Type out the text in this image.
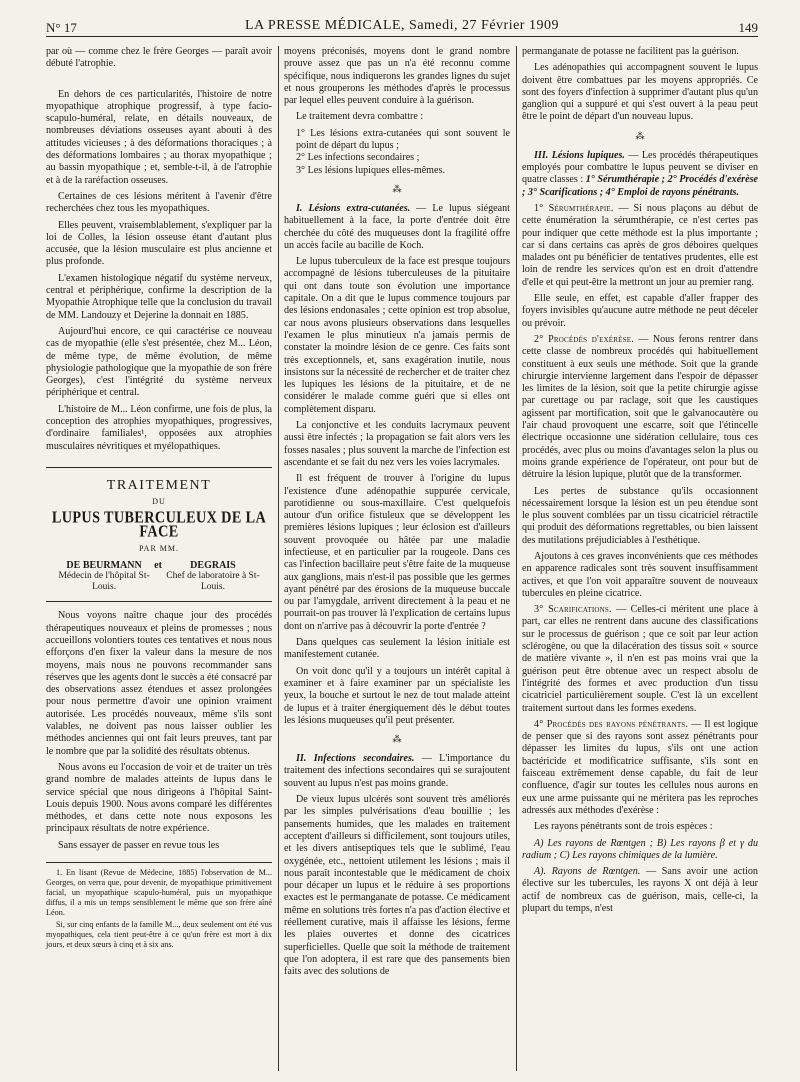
N° 17	LA PRESSE MÉDICALE, Samedi, 27 Février 1909	149

par où — comme chez le frère Georges — paraît avoir débuté l'atrophie.

En dehors de ces particularités, l'histoire de notre myopathique atrophique progressif, à type facio-scapulo-huméral, relate, en détails nouveaux, de nombreuses déviations osseuses ayant abouti à des attitudes vicieuses ; à des déformations thoraciques ; à des déformations lombaires ; au thorax myopathique ; au bassin myopathique ; et, semble-t-il, à de l'atrophie et à de la raréfaction osseuses.

Certaines de ces lésions méritent à l'avenir d'être recherchées chez tous les myopathiques.

Elles peuvent, vraisemblablement, s'expliquer par la loi de Colles, la lésion osseuse étant d'autant plus accusée, que la lésion musculaire est plus ancienne et plus profonde.

L'examen histologique négatif du système nerveux, central et périphérique, confirme la description de la Myopathie Atrophique telle que la conclusion du travail de MM. Landouzy et Dejerine la donnait en 1885.

Aujourd'hui encore, ce qui caractérise ce nouveau cas de myopathie (elle s'est présentée, chez M... Léon, de même type, de même évolution, de même physiologie pathologique que la myopathie de son frère Georges), c'est l'intégrité du système nerveux périphérique et central.

L'histoire de M... Léon confirme, une fois de plus, la conception des atrophies myopathiques, progressives, d'ordinaire familiales¹, opposées aux atrophies musculaires névritiques et myélopathiques.

TRAITEMENT
DU
LUPUS TUBERCULEUX DE LA FACE
PAR MM.
DE BEURMANN
Médecin de l'hôpital St-Louis.
et	DEGRAIS
Chef de laboratoire à St-Louis.

Nous voyons naître chaque jour des procédés thérapeutiques nouveaux et pleins de promesses ; nous accueillons volontiers toutes ces tentatives et nous nous efforçons d'en fixer la valeur dans la mesure de nos moyens, mais nous ne pouvons recommander sans réserves que les agents dont le succès a été consacré par des observations assez étendues et assez prolongées pour nous permettre d'avoir une opinion vraiment autorisée. Les procédés nouveaux, même s'ils sont valables, ne doivent pas nous laisser oublier les méthodes anciennes qui ont fait leurs preuves, tant par le nombre que par la solidité des résultats obtenus.

Nous avons eu l'occasion de voir et de traiter un très grand nombre de malades atteints de lupus dans le service spécial que nous dirigeons à l'hôpital Saint-Louis depuis 1900. Nous avons comparé les différentes méthodes, et dans cette note nous exposons les principaux résultats de notre expérience.

Sans essayer de passer en revue tous les

1. En lisant (Revue de Médecine, 1885) l'observation de M... Georges, on verra que, pour devenir, de myopathique primitivement facial, un myopathique scapulo-huméral, puis un myopathique diffus, il a mis un temps sensiblement le même que son frère aîné Léon.

Si, sur cinq enfants de la famille M..., deux seulement ont été vus myopathiques, cela tient peut-être à ce qu'un frère est mort à dix jours, et deux sœurs à cinq et à six ans.

moyens préconisés, moyens dont le grand nombre prouve assez que pas un n'a été reconnu comme spécifique, nous indiquerons les grandes lignes du sujet et nous grouperons les méthodes d'après le processus par lequel elles peuvent conduire à la guérison.

Le traitement devra combattre :

1° Les lésions extra-cutanées qui sont souvent le point de départ du lupus ;

2° Les infections secondaires ;

3° Les lésions lupiques elles-mêmes.

⁂

I. Lésions extra-cutanées. — Le lupus siégeant habituellement à la face, la porte d'entrée doit être cherchée du côté des muqueuses dont la fragilité offre un accès facile au bacille de Koch.

Le lupus tuberculeux de la face est presque toujours accompagné de lésions tuberculeuses de la pituitaire qui ont dans toute son évolution une importance capitale. On a dit que le lupus commence toujours par des lésions endonasales ; cette opinion est trop absolue, car nous avons plusieurs observations dans lesquelles l'examen le plus minutieux n'a jamais permis de constater la moindre lésion de ce genre. Ces faits sont très exceptionnels, et, sans exagération inutile, nous insistons sur la nécessité de rechercher et de traiter chez les lupiques les lésions de la pituitaire, et de ne considérer le malade comme guéri que si elles ont complètement disparu.

La conjonctive et les conduits lacrymaux peuvent aussi être infectés ; la propagation se fait alors vers les fosses nasales ; plus souvent la marche de l'infection est ascendante et se fait du nez vers les voies lacrymales.

Il est fréquent de trouver à l'origine du lupus l'existence d'une adénopathie suppurée cervicale, parotidienne ou sous-maxillaire. C'est quelquefois autour d'un orifice fistuleux que se développent les premières lésions lupiques ; leur éclosion est d'ailleurs souvent provoquée ou hâtée par une maladie infectieuse, et en particulier par la rougeole. Dans ces cas l'infection bacillaire peut s'être faite de la muqueuse aux ganglions, mais n'est-il pas possible que les germes ayant pénétré par des érosions de la muqueuse buccale ou par l'amygdale, arrivent directement à la peau et ne pourrait-on pas trouver là l'explication de certains lupus dont on n'arrive pas à découvrir la porte d'entrée ?

Dans quelques cas seulement la lésion initiale est manifestement cutanée.

On voit donc qu'il y a toujours un intérêt capital à examiner et à faire examiner par un spécialiste les yeux, la bouche et surtout le nez de tout malade atteint de lupus et à traiter énergiquement dès le début toutes les lésions muqueuses qu'il peut présenter.

⁂

II. Infections secondaires. — L'importance du traitement des infections secondaires qui se surajoutent souvent au lupus n'est pas moins grande.

De vieux lupus ulcérés sont souvent très améliorés par les simples pulvérisations d'eau bouillie ; les pansements humides, que les malades en traitement acceptent d'ailleurs si difficilement, sont toujours utiles, et les divers antiseptiques tels que le sublimé, l'eau oxygénée, etc., nettoient utilement les lésions ; mais il nous paraît incontestable que le médicament de choix pour décaper un lupus et le réduire à ses proportions exactes est le permanganate de potasse. Ce médicament même en solutions très fortes n'a pas d'action élective et réellement curative, mais il affaisse les lésions, ferme les plaies ouvertes et donne des cicatrices superficielles. Quelle que soit la méthode de traitement que l'on adoptera, il est rare que des pansements bien faits avec des solutions de

permanganate de potasse ne facilitent pas la guérison.

Les adénopathies qui accompagnent souvent le lupus doivent être combattues par les moyens appropriés. Ce sont des foyers d'infection à supprimer d'autant plus qu'un ganglion qui a suppuré et qui s'est ouvert à la peau peut être le point de départ d'un nouveau lupus.

⁂

III. Lésions lupiques. — Les procédés thérapeutiques employés pour combattre le lupus peuvent se diviser en quatre classes : 1° Sérumthérapie ; 2° Procédés d'exérèse ; 3° Scarifications ; 4° Emploi de rayons pénétrants.

1° Sérumthérapie. — Si nous plaçons au début de cette énumération la sérumthérapie, ce n'est certes pas pour indiquer que cette méthode est la plus importante ; car si dans certains cas après de gros déboires quelques malades ont pu bénéficier de tentatives prudentes, elle est loin de rendre les services qu'on est en droit d'attendre d'elle et qui peut-être la mettront un jour au premier rang.

Elle seule, en effet, est capable d'aller frapper des foyers invisibles qu'aucune autre méthode ne peut déceler ou prévoir.

2° Procédés d'exérèse. — Nous ferons rentrer dans cette classe de nombreux procédés qui habituellement constituent à eux seuls une méthode. Soit que la grande chirurgie intervienne largement dans l'espoir de dépasser les limites de la lésion, soit que la petite chirurgie agisse par curettage ou par raclage, soit que les caustiques agissent par mortification, soit que le galvanocautère ou l'air chaud provoquent une escarre, soit que l'étincelle électrique occasionne une sidération cellulaire, tous ces procédés, avec plus ou moins d'avantages selon la plus ou moins grande expérience de l'opérateur, ont pour but de détruire la lésion lupique, plutôt que de la transformer.

Les pertes de substance qu'ils occasionnent nécessairement lorsque la lésion est un peu étendue sont le plus souvent comblées par un tissu cicatriciel rétractile qui produit des déformations regrettables, ou bien laissent des mutilations préjudiciables à l'esthétique.

Ajoutons à ces graves inconvénients que ces méthodes en apparence radicales sont très souvent insuffisamment actives, et que l'on voit apparaître souvent de nouveaux tubercules en pleine cicatrice.

3° Scarifications. — Celles-ci méritent une place à part, car elles ne rentrent dans aucune des classifications sur le processus de guérison ; que ce soit par leur action sclérogène, ou que la dilacération des tissus soit « source de matière vivante », il n'en est pas moins vrai que la guérison peut être obtenue avec un respect absolu de l'intégrité des formes et avec production d'un tissu cicatriciel particulièrement souple. C'est là un excellent traitement surtout dans les formes exedens.

4° Procédés des rayons pénétrants. — Il est logique de penser que si des rayons sont assez pénétrants pour dépasser les limites du lupus, s'ils ont une action bactéricide et modificatrice suffisante, s'ils sont en faisceau extrêmement dense capable, du fait de leur confluence, d'agir sur toutes les cellules nous aurons en eux une arme puissante qui ne méritera pas les reproches adressés aux méthodes d'exérèse :

Les rayons pénétrants sont de trois espèces :

A) Les rayons de Rœntgen ; B) Les rayons β et γ du radium ; C) Les rayons chimiques de la lumière.

A). Rayons de Rœntgen. — Sans avoir une action élective sur les tubercules, les rayons X ont déjà à leur actif de nombreux cas de guérison, mais, celle-ci, la plupart du temps, n'est
